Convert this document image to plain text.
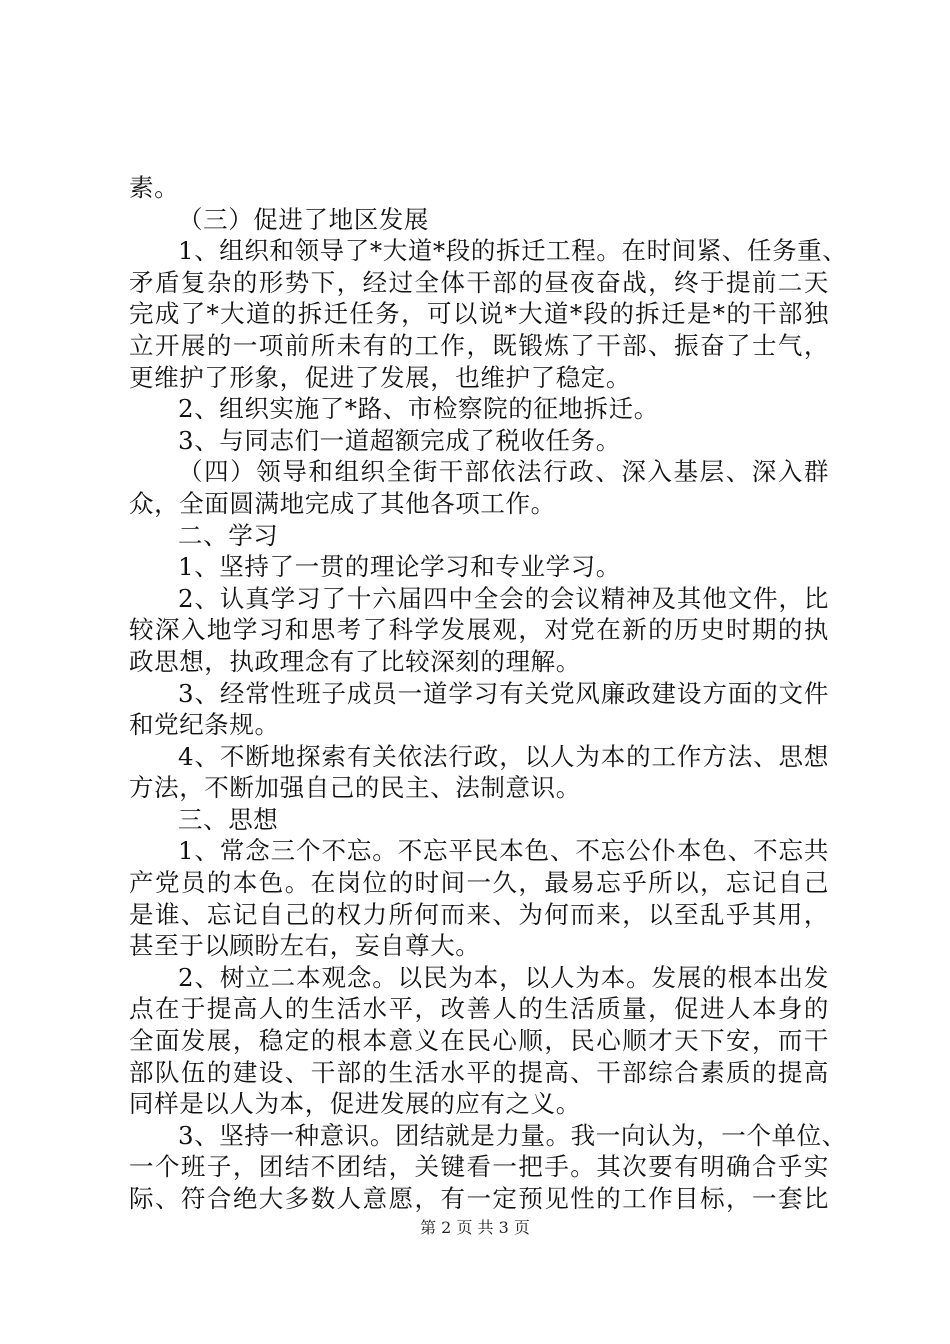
素。
（三）促进了地区发展
1、组织和领导了*大道*段的拆迁工程。在时间紧、任务重、
矛盾复杂的形势下，经过全体干部的昼夜奋战，终于提前二天
完成了*大道的拆迁任务，可以说*大道*段的拆迁是*的干部独
立开展的一项前所未有的工作，既锻炼了干部、振奋了士气，
更维护了形象，促进了发展，也维护了稳定。
2、组织实施了*路、市检察院的征地拆迁。
3、与同志们一道超额完成了税收任务。
（四）领导和组织全街干部依法行政、深入基层、深入群
众，全面圆满地完成了其他各项工作。
二、学习
1、坚持了一贯的理论学习和专业学习。
2、认真学习了十六届四中全会的会议精神及其他文件，比
较深入地学习和思考了科学发展观，对党在新的历史时期的执
政思想，执政理念有了比较深刻的理解。
3、经常性班子成员一道学习有关党风廉政建设方面的文件
和党纪条规。
4、不断地探索有关依法行政，以人为本的工作方法、思想
方法，不断加强自己的民主、法制意识。
三、思想
1、常念三个不忘。不忘平民本色、不忘公仆本色、不忘共
产党员的本色。在岗位的时间一久，最易忘乎所以，忘记自己
是谁、忘记自己的权力所何而来、为何而来，以至乱乎其用，
甚至于以顾盼左右，妄自尊大。
2、树立二本观念。以民为本，以人为本。发展的根本出发
点在于提高人的生活水平，改善人的生活质量，促进人本身的
全面发展，稳定的根本意义在民心顺，民心顺才天下安，而干
部队伍的建设、干部的生活水平的提高、干部综合素质的提高
同样是以人为本，促进发展的应有之义。
3、坚持一种意识。团结就是力量。我一向认为，一个单位、
一个班子，团结不团结，关键看一把手。其次要有明确合乎实
际、符合绝大多数人意愿，有一定预见性的工作目标，一套比
第 2 页 共 3 页
